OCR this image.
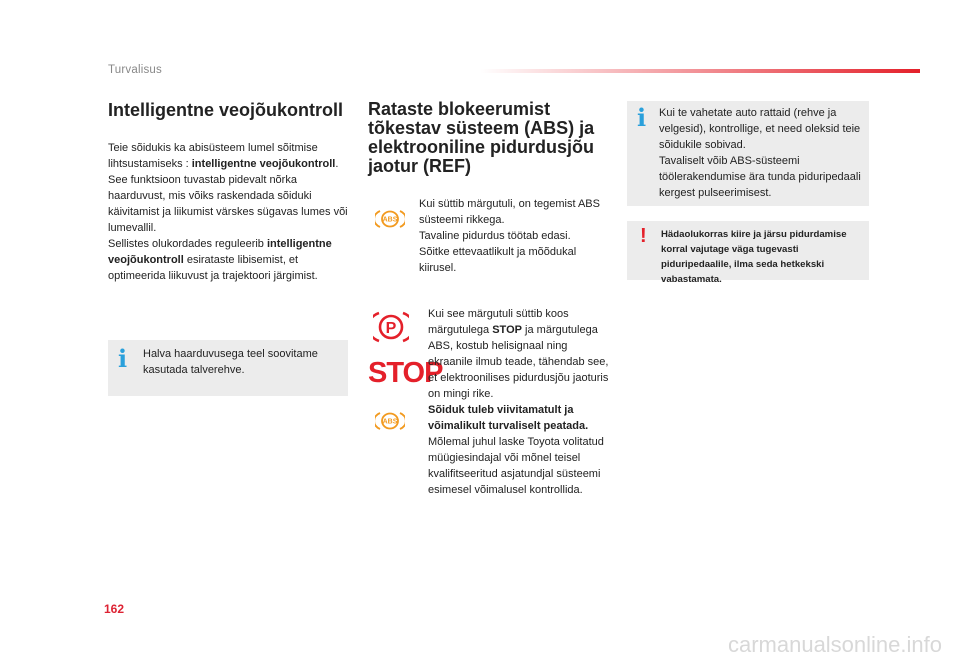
Turvalisus
Intelligentne veojõukontroll
Teie sõidukis ka abisüsteem lumel sõitmise lihtsustamiseks : intelligentne veojõukontroll.
See funktsioon tuvastab pidevalt nõrka haarduvust, mis võiks raskendada sõiduki käivitamist ja liikumist värskes sügavas lumes või lumevallil.
Sellistes olukordades reguleerib intelligentne veojõukontroll esirataste libisemist, et optimeerida liikuvust ja trajektoori järgimist.
i Halva haarduvusega teel soovitame kasutada talverehve.
Rataste blokeerumist tõkestav süsteem (ABS) ja elektrooniline pidurdusjõu jaotur (REF)
ABS
Kui süttib märgutuli, on tegemist ABS süsteemi rikkega.
Tavaline pidurdus töötab edasi.
Sõitke ettevaatlikult ja mõõdukal kiirusel.
P
STOP
ABS
Kui see märgutuli süttib koos märgutulega STOP ja märgutulega ABS, kostub helisignaal ning ekraanile ilmub teade, tähendab see, et elektroonilises pidurdusjõu jaoturis on mingi rike.
Sõiduk tuleb viivitamatult ja võimalikult turvaliselt peatada.
Mõlemal juhul laske Toyota volitatud müügiesindajal või mõnel teisel kvalifitseeritud asjatundjal süsteemi esimesel võimalusel kontrollida.
i Kui te vahetate auto rattaid (rehve ja velgesid), kontrollige, et need oleksid teie sõidukile sobivad.
Tavaliselt võib ABS-süsteemi töölerakendumise ära tunda piduripedaali kergest pulseerimisest.
! Hädaolukorras kiire ja järsu pidurdamise korral vajutage väga tugevasti piduripedaalile, ilma seda hetkekski vabastamata.
162
carmanualsonline.info
